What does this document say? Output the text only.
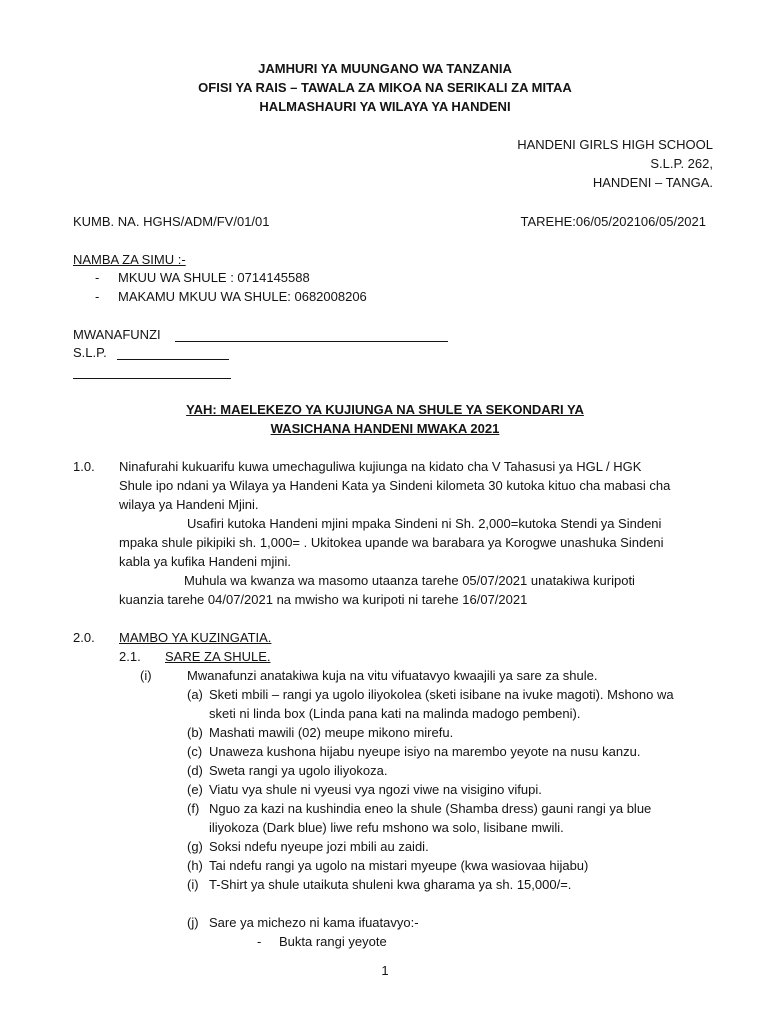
JAMHURI YA MUUNGANO WA TANZANIA
OFISI YA RAIS – TAWALA ZA MIKOA NA SERIKALI ZA MITAA
HALMASHAURI YA WILAYA YA HANDENI
HANDENI GIRLS HIGH SCHOOL
S.L.P. 262,
HANDENI – TANGA.
KUMB. NA. HGHS/ADM/FV/01/01	TAREHE:06/05/202106/05/2021
NAMBA ZA SIMU :-
- MKUU WA SHULE : 0714145588
- MAKAMU MKUU WA SHULE: 0682008206
MWANAFUNZI
S.L.P.
YAH: MAELEKEZO YA KUJIUNGA NA SHULE YA SEKONDARI YA
WASICHANA HANDENI MWAKA 2021
1.0. Ninafurahi kukuarifu kuwa umechaguliwa kujiunga na kidato cha V Tahasusi ya HGL / HGK
Shule ipo ndani ya Wilaya ya Handeni Kata ya Sindeni kilometa 30 kutoka kituo cha mabasi cha
wilaya ya Handeni Mjini.
Usafiri kutoka Handeni mjini mpaka Sindeni ni Sh. 2,000=kutoka Stendi ya Sindeni
mpaka shule pikipiki sh. 1,000= . Ukitokea upande wa barabara ya Korogwe unashuka Sindeni
kabla ya kufika Handeni mjini.
Muhula wa kwanza wa masomo utaanza tarehe 05/07/2021 unatakiwa kuripoti
kuanzia tarehe 04/07/2021 na mwisho wa kuripoti ni tarehe 16/07/2021
2.0. MAMBO YA KUZINGATIA.
2.1. SARE ZA SHULE.
(i)	Mwanafunzi anatakiwa kuja na vitu vifuatavyo kwaajili ya sare za shule.
(a) Sketi mbili – rangi ya ugolo iliyokolea (sketi isibane na ivuke magoti). Mshono wa
sketi ni linda box (Linda pana kati na malinda madogo pembeni).
(b) Mashati mawili (02) meupe mikono mirefu.
(c) Unaweza kushona hijabu nyeupe isiyo na marembo yeyote na nusu kanzu.
(d) Sweta rangi ya ugolo iliyokoza.
(e) Viatu vya shule ni vyeusi vya ngozi viwe na visigino vifupi.
(f) Nguo za kazi na kushindia eneo la shule (Shamba dress) gauni rangi ya blue
iliyokoza (Dark blue) liwe refu mshono wa solo, lisibane mwili.
(g) Soksi ndefu nyeupe jozi mbili au zaidi.
(h) Tai ndefu rangi ya ugolo na mistari myeupe (kwa wasiovaa hijabu)
(i) T-Shirt ya shule utaikuta shuleni kwa gharama ya sh. 15,000/=.
(j) Sare ya michezo ni kama ifuatavyo:-
- Bukta rangi yeyote
1
